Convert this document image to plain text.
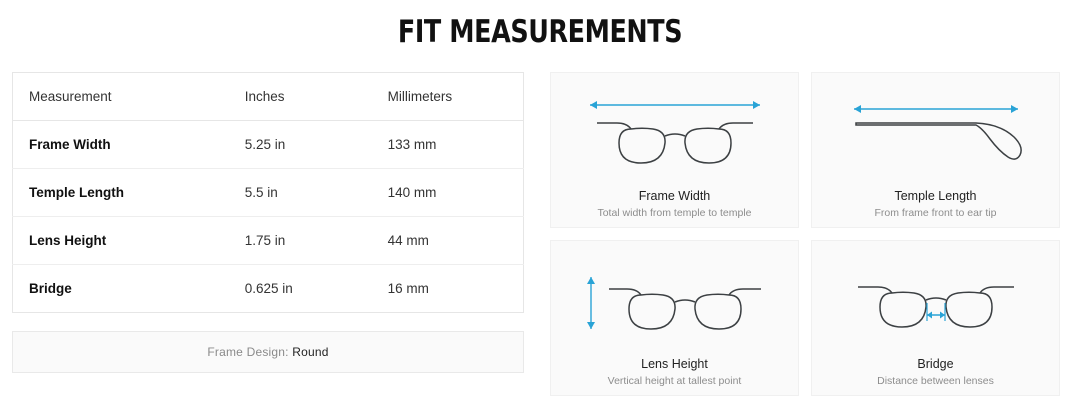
FIT MEASUREMENTS
Measurement	Inches	Millimeters
Frame Width	5.25 in	133 mm
Temple Length	5.5 in	140 mm
Lens Height	1.75 in	44 mm
Bridge	0.625 in	16 mm
Frame Design: Round
Frame Width
Total width from temple to temple
Temple Length
From frame front to ear tip
Lens Height
Vertical height at tallest point
Bridge
Distance between lenses
